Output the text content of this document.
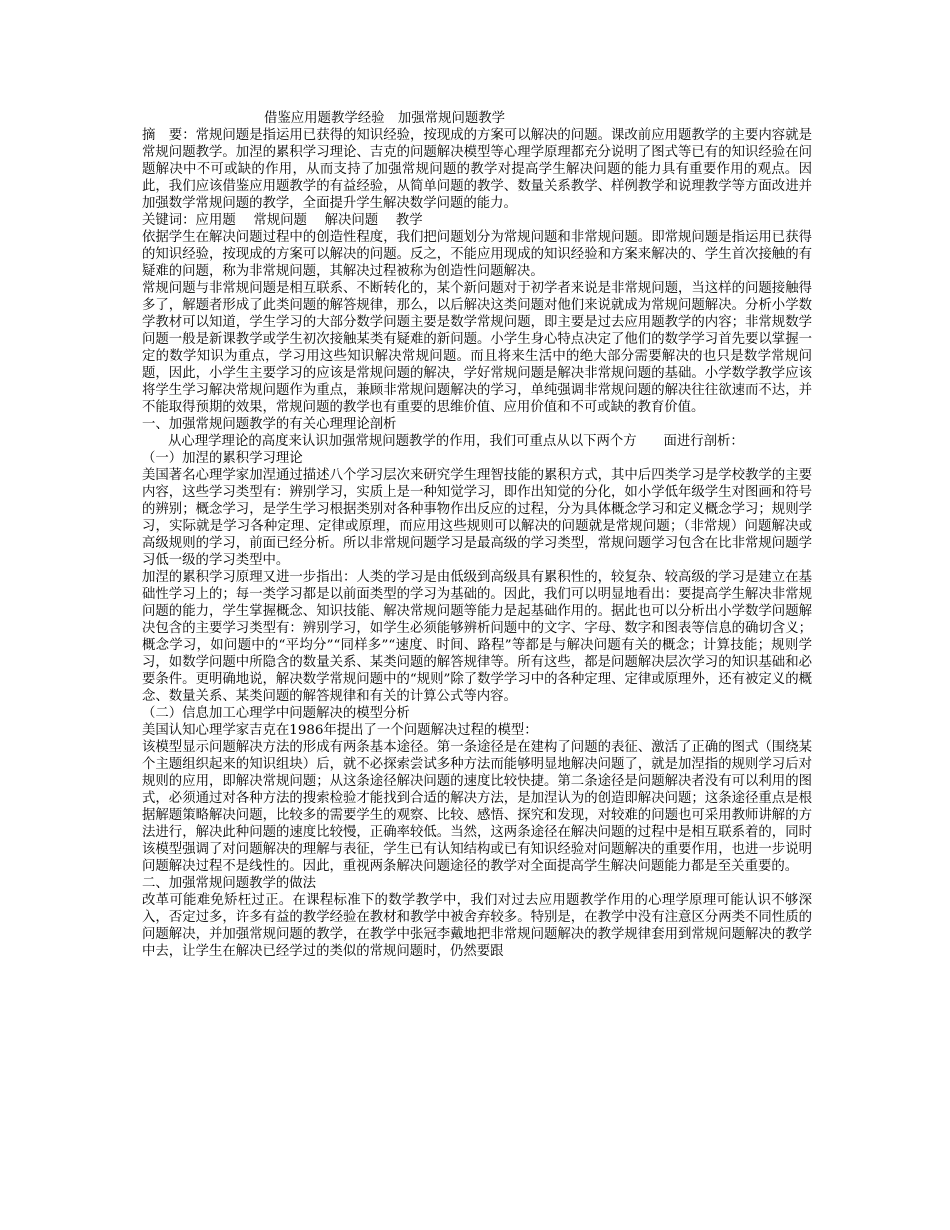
借鉴应用题教学经验　加强常规问题教学

摘　要：常规问题是指运用已获得的知识经验，按现成的方案可以解决的问题。课改前应用题教学的主要内容就是常规问题教学。加涅的累积学习理论、吉克的问题解决模型等心理学原理都充分说明了图式等已有的知识经验在问题解决中不可或缺的作用，从而支持了加强常规问题的教学对提高学生解决问题的能力具有重要作用的观点。因此，我们应该借鉴应用题教学的有益经验，从简单问题的教学、数量关系教学、样例教学和说理教学等方面改进并加强数学常规问题的教学，全面提升学生解决数学问题的能力。

关键词：应用题　 常规问题　 解决问题　 教学

依据学生在解决问题过程中的创造性程度，我们把问题划分为常规问题和非常规问题。即常规问题是指运用已获得的知识经验，按现成的方案可以解决的问题。反之，不能应用现成的知识经验和方案来解决的、学生首次接触的有疑难的问题，称为非常规问题，其解决过程被称为创造性问题解决。

常规问题与非常规问题是相互联系、不断转化的，某个新问题对于初学者来说是非常规问题，当这样的问题接触得多了，解题者形成了此类问题的解答规律，那么，以后解决这类问题对他们来说就成为常规问题解决。分析小学数学教材可以知道，学生学习的大部分数学问题主要是数学常规问题，即主要是过去应用题教学的内容；非常规数学问题一般是新课教学或学生初次接触某类有疑难的新问题。小学生身心特点决定了他们的数学学习首先要以掌握一定的数学知识为重点，学习用这些知识解决常规问题。而且将来生活中的绝大部分需要解决的也只是数学常规问题，因此，小学生主要学习的应该是常规问题的解决，学好常规问题是解决非常规问题的基础。小学数学教学应该将学生学习解决常规问题作为重点，兼顾非常规问题解决的学习，单纯强调非常规问题的解决往往欲速而不达，并不能取得预期的效果，常规问题的教学也有重要的思维价值、应用价值和不可或缺的教育价值。

一、加强常规问题教学的有关心理理论剖析

从心理学理论的高度来认识加强常规问题教学的作用，我们可重点从以下两个方　　面进行剖析：

（一）加涅的累积学习理论

美国著名心理学家加涅通过描述八个学习层次来研究学生理智技能的累积方式，其中后四类学习是学校教学的主要内容，这些学习类型有：辨别学习，实质上是一种知觉学习，即作出知觉的分化，如小学低年级学生对图画和符号的辨别；概念学习，是学生学习根据类别对各种事物作出反应的过程，分为具体概念学习和定义概念学习；规则学习，实际就是学习各种定理、定律或原理，而应用这些规则可以解决的问题就是常规问题；（非常规）问题解决或高级规则的学习，前面已经分析。所以非常规问题学习是最高级的学习类型，常规问题学习包含在比非常规问题学习低一级的学习类型中。

加涅的累积学习原理又进一步指出：人类的学习是由低级到高级具有累积性的，较复杂、较高级的学习是建立在基础性学习上的；每一类学习都是以前面类型的学习为基础的。因此，我们可以明显地看出：要提高学生解决非常规问题的能力，学生掌握概念、知识技能、解决常规问题等能力是起基础作用的。据此也可以分析出小学数学问题解决包含的主要学习类型有：辨别学习，如学生必须能够辨析问题中的文字、字母、数字和图表等信息的确切含义；概念学习，如问题中的“平均分”“同样多”“速度、时间、路程”等都是与解决问题有关的概念；计算技能；规则学习，如数学问题中所隐含的数量关系、某类问题的解答规律等。所有这些，都是问题解决层次学习的知识基础和必要条件。更明确地说，解决数学常规问题中的“规则”除了数学学习中的各种定理、定律或原理外，还有被定义的概念、数量关系、某类问题的解答规律和有关的计算公式等内容。

（二）信息加工心理学中问题解决的模型分析

美国认知心理学家吉克在1986年提出了一个问题解决过程的模型：

该模型显示问题解决方法的形成有两条基本途径。第一条途径是在建构了问题的表征、激活了正确的图式（围绕某个主题组织起来的知识组块）后，就不必探索尝试多种方法而能够明显地解决问题了，就是加涅指的规则学习后对规则的应用，即解决常规问题；从这条途径解决问题的速度比较快捷。第二条途径是问题解决者没有可以利用的图式，必须通过对各种方法的搜索检验才能找到合适的解决方法，是加涅认为的创造即解决问题；这条途径重点是根据解题策略解决问题，比较多的需要学生的观察、比较、感悟、探究和发现，对较难的问题也可采用教师讲解的方法进行，解决此种问题的速度比较慢，正确率较低。当然，这两条途径在解决问题的过程中是相互联系着的，同时该模型强调了对问题解决的理解与表征，学生已有认知结构或已有知识经验对问题解决的重要作用，也进一步说明问题解决过程不是线性的。因此，重视两条解决问题途径的教学对全面提高学生解决问题能力都是至关重要的。

二、加强常规问题教学的做法

改革可能难免矫枉过正。在课程标准下的数学教学中，我们对过去应用题教学作用的心理学原理可能认识不够深入，否定过多，许多有益的教学经验在教材和教学中被舍弃较多。特别是，在教学中没有注意区分两类不同性质的问题解决，并加强常规问题的教学，在教学中张冠李戴地把非常规问题解决的教学规律套用到常规问题解决的教学中去，让学生在解决已经学过的类似的常规问题时，仍然要跟
